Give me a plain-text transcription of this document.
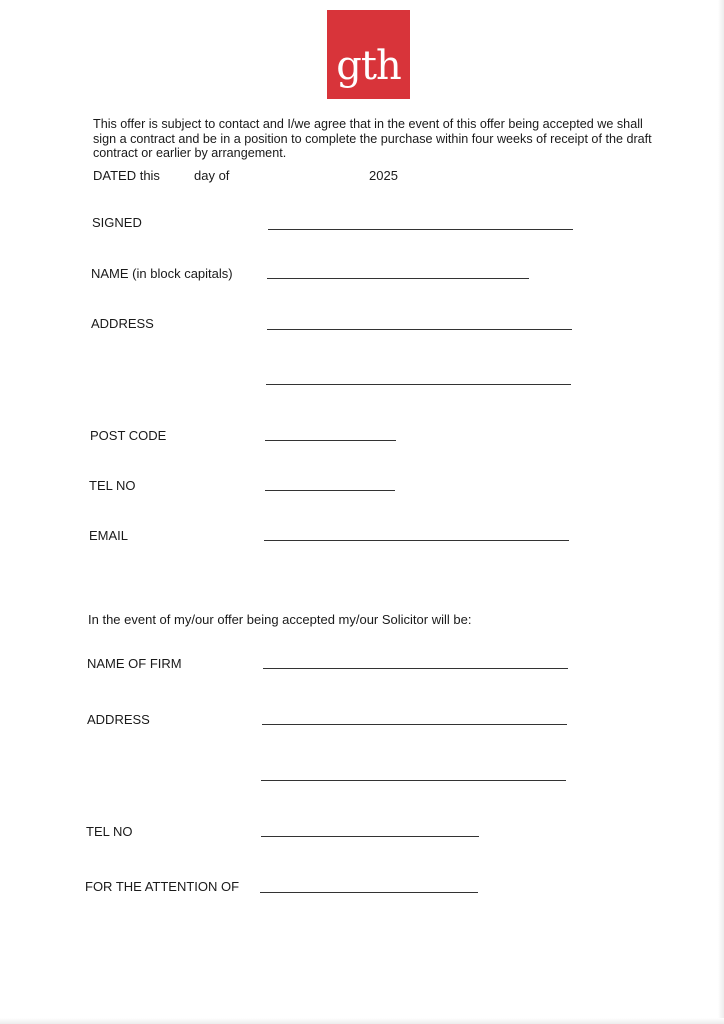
gth

This offer is subject to contact and I/we agree that in the event of this offer being accepted we shall sign a contract and be in a position to complete the purchase within four weeks of receipt of the draft contract or earlier by arrangement.

DATED this	day of	2025
SIGNED
NAME (in block capitals)
ADDRESS
POST CODE
TEL NO
EMAIL
In the event of my/our offer being accepted my/our Solicitor will be:
NAME OF FIRM
ADDRESS
TEL NO
FOR THE ATTENTION OF
